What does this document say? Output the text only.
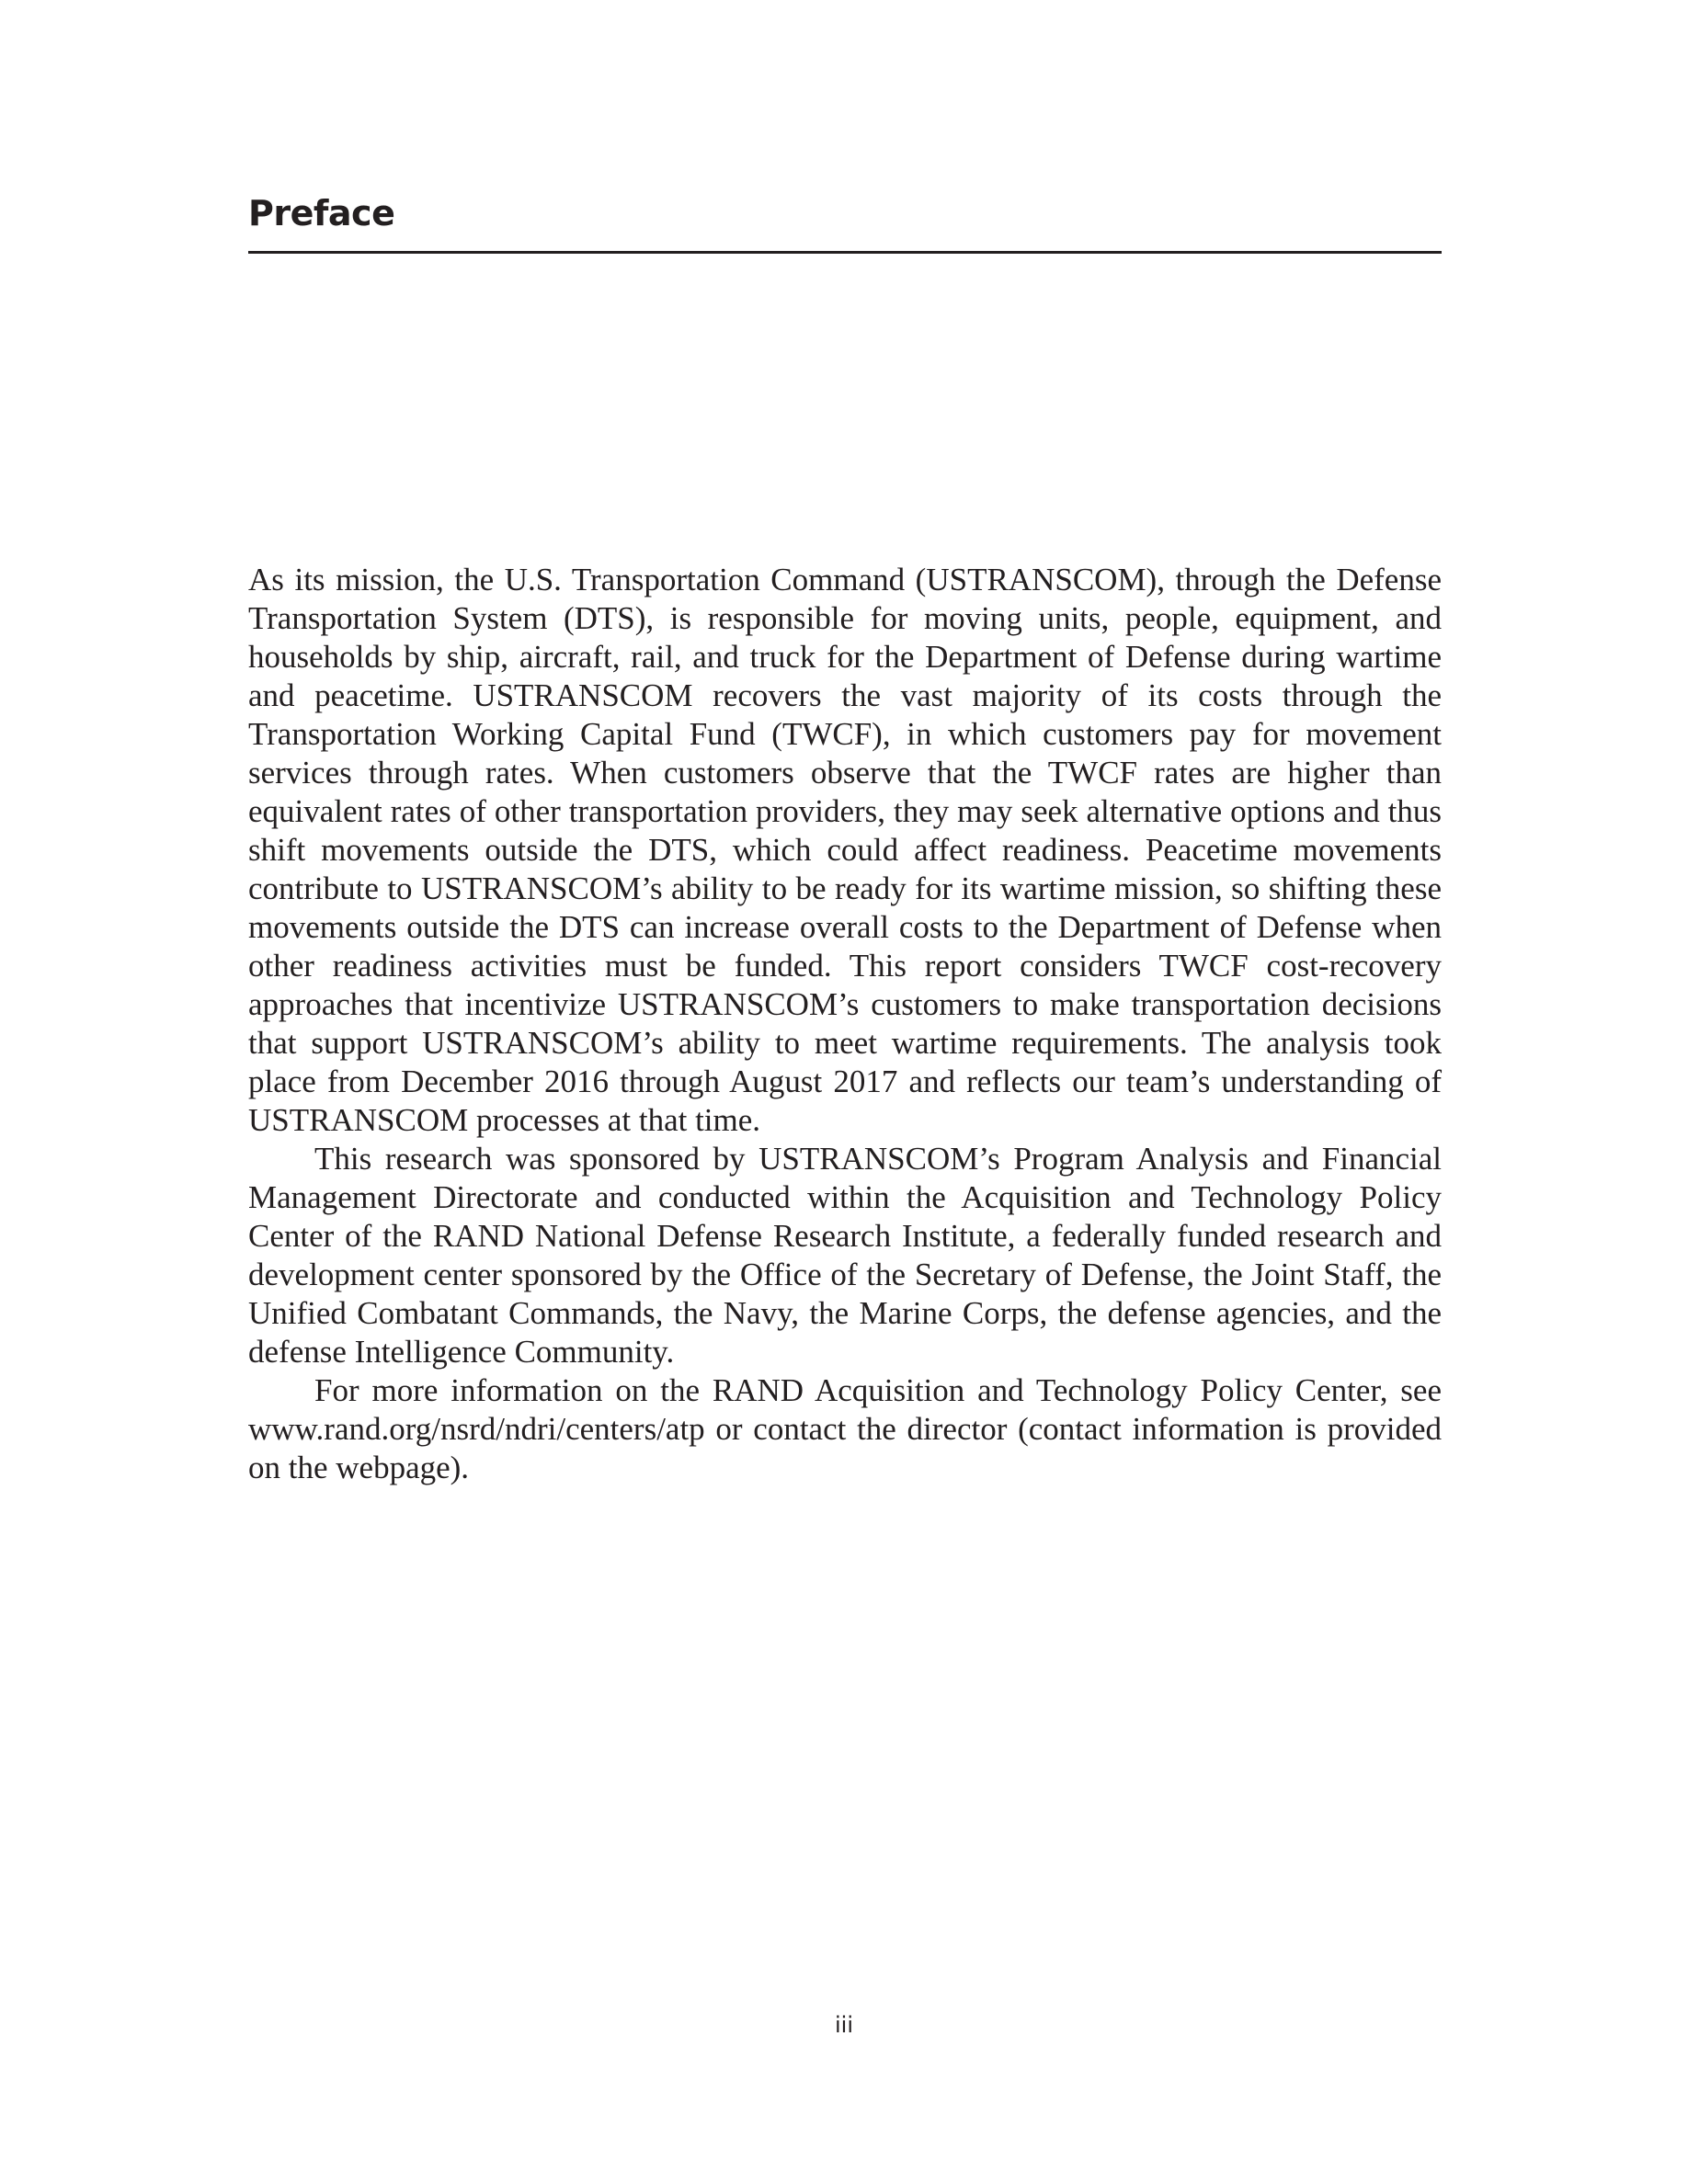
Preface

As its mission, the U.S. Transportation Command (USTRANSCOM), through the Defense Transportation System (DTS), is responsible for moving units, people, equipment, and households by ship, aircraft, rail, and truck for the Department of Defense during wartime and peacetime. USTRANSCOM recovers the vast majority of its costs through the Transportation Working Capital Fund (TWCF), in which customers pay for movement services through rates. When customers observe that the TWCF rates are higher than equivalent rates of other transportation providers, they may seek alternative options and thus shift movements outside the DTS, which could affect readiness. Peacetime movements contribute to USTRANSCOM’s ability to be ready for its wartime mission, so shifting these movements outside the DTS can increase overall costs to the Department of Defense when other readiness activities must be funded. This report considers TWCF cost-recovery approaches that incentivize USTRANSCOM’s customers to make transportation decisions that support USTRANSCOM’s ability to meet wartime requirements. The analysis took place from December 2016 through August 2017 and reflects our team’s understanding of USTRANSCOM processes at that time.

This research was sponsored by USTRANSCOM’s Program Analysis and Financial Management Directorate and conducted within the Acquisition and Technology Policy Center of the RAND National Defense Research Institute, a federally funded research and development center sponsored by the Office of the Secretary of Defense, the Joint Staff, the Unified Combatant Commands, the Navy, the Marine Corps, the defense agencies, and the defense Intelligence Community.

For more information on the RAND Acquisition and Technology Policy Center, see www.rand.org/nsrd/ndri/centers/atp or contact the director (contact information is provided on the webpage).

iii
